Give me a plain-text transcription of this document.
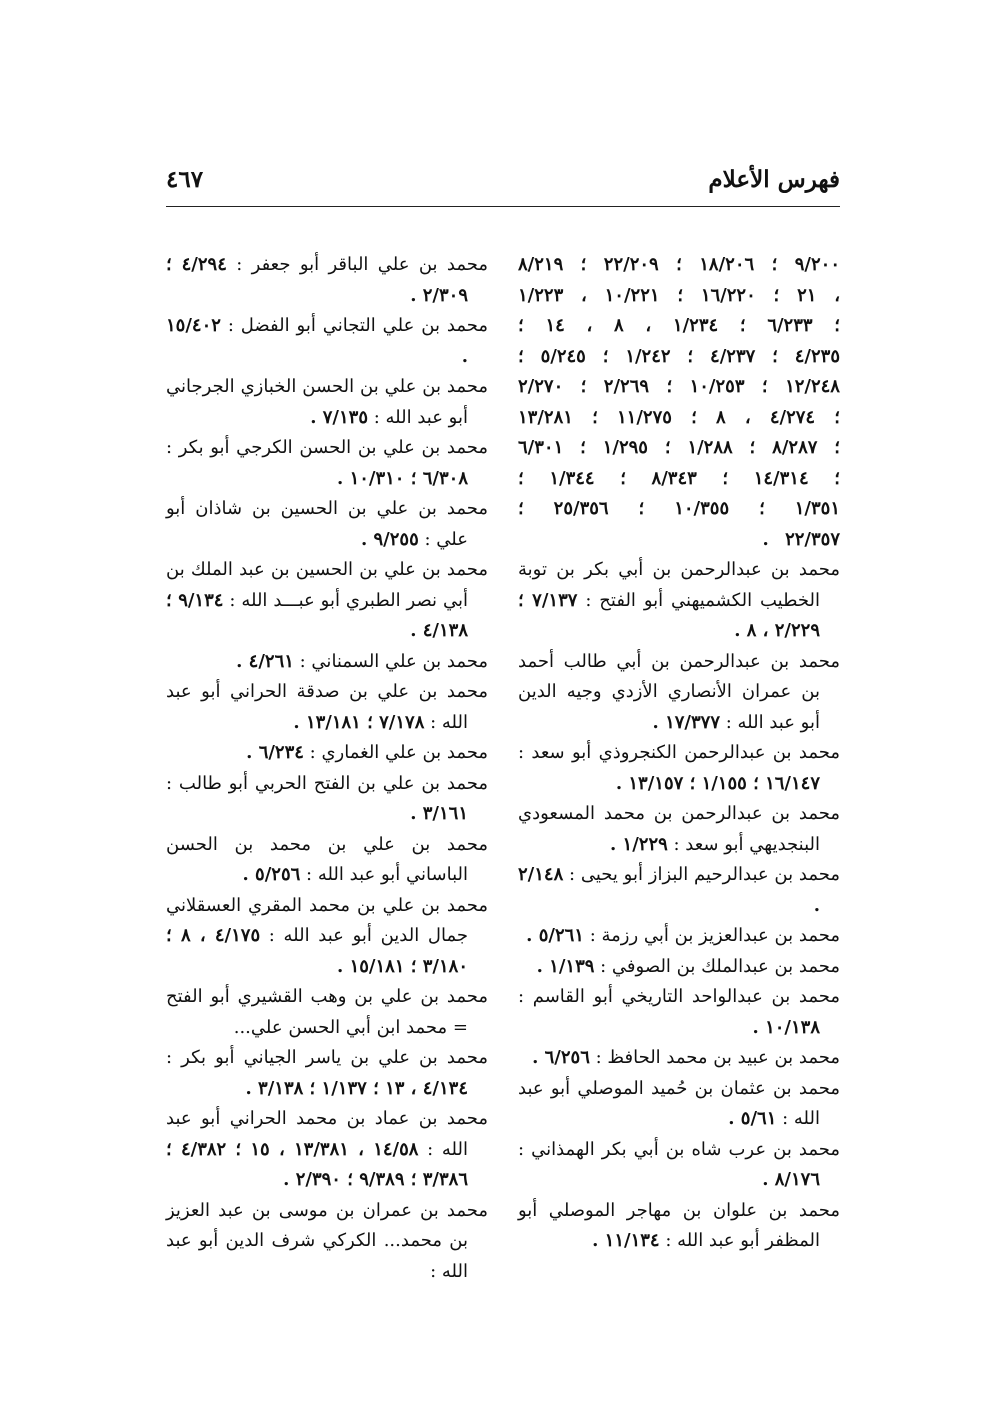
فهرس الأعلام
٤٦٧

٩/٢٠٠ ؛ ١٨/٢٠٦ ؛ ٢٢/٢٠٩ ؛ ٨/٢١٩ ، ٢١ ؛ ١٦/٢٢٠ ؛ ١٠/٢٢١ ، ١/٢٢٣ ؛ ٦/٢٣٣ ؛ ١/٢٣٤ ، ٨ ، ١٤ ؛ ٤/٢٣٥ ؛ ٤/٢٣٧ ؛ ١/٢٤٢ ؛ ٥/٢٤٥ ؛ ١٢/٢٤٨ ؛ ١٠/٢٥٣ ؛ ٢/٢٦٩ ؛ ٢/٢٧٠ ؛ ٤/٢٧٤ ، ٨ ؛ ١١/٢٧٥ ؛ ١٣/٢٨١ ؛ ٨/٢٨٧ ؛ ١/٢٨٨ ؛ ١/٢٩٥ ؛ ٦/٣٠١ ؛ ١٤/٣١٤ ؛ ٨/٣٤٣ ؛ ١/٣٤٤ ؛ ١/٣٥١ ؛ ١٠/٣٥٥ ؛ ٢٥/٣٥٦ ؛ ٢٢/٣٥٧ .

محمد بن عبدالرحمن بن أبي بكر بن توبة الخطيب الكشميهني أبو الفتح : ٧/١٣٧ ؛ ٢/٢٢٩ ، ٨ .

محمد بن عبدالرحمن بن أبي طالب أحمد بن عمران الأنصاري الأزدي وجيه الدين أبو عبد الله : ١٧/٣٧٧ .

محمد بن عبدالرحمن الكنجروذي أبو سعد : ١٦/١٤٧ ؛ ١/١٥٥ ؛ ١٣/١٥٧ .

محمد بن عبدالرحمن بن محمد المسعودي البنجديهي أبو سعد : ١/٢٢٩ .

محمد بن عبدالرحيم البزاز أبو يحيى : ٢/١٤٨ .

محمد بن عبدالعزيز بن أبي رزمة : ٥/٢٦١ .

محمد بن عبدالملك بن الصوفي : ١/١٣٩ .

محمد بن عبدالواحد التاريخي أبو القاسم : ١٠/١٣٨ .

محمد بن عبيد بن محمد الحافظ : ٦/٢٥٦ .

محمد بن عثمان بن حُميد الموصلي أبو عبد الله : ٥/٦١ .

محمد بن عرب شاه بن أبي بكر الهمذاني : ٨/١٧٦ .

محمد بن علوان بن مهاجر الموصلي أبو المظفر أبو عبد الله : ١١/١٣٤ .

محمد بن علي الباقر أبو جعفر : ٤/٢٩٤ ؛ ٢/٣٠٩ .

محمد بن علي التجاني أبو الفضل : ١٥/٤٠٢ .

محمد بن علي بن الحسن الخبازي الجرجاني أبو عبد الله : ٧/١٣٥ .

محمد بن علي بن الحسن الكرجي أبو بكر : ٦/٣٠٨ ؛ ١٠/٣١٠ .

محمد بن علي بن الحسين بن شاذان أبو علي : ٩/٢٥٥ .

محمد بن علي بن الحسين بن عبد الملك بن أبي نصر الطبري أبو عبـــد الله : ٩/١٣٤ ؛ ٤/١٣٨ .

محمد بن علي السمناني : ٤/٢٦١ .

محمد بن علي بن صدقة الحراني أبو عبد الله : ٧/١٧٨ ؛ ١٣/١٨١ .

محمد بن علي الغماري : ٦/٢٣٤ .

محمد بن علي بن الفتح الحربي أبو طالب : ٣/١٦١ .

محمد بن علي بن محمد بن الحسن الباساني أبو عبد الله : ٥/٢٥٦ .

محمد بن علي بن محمد المقري العسقلاني جمال الدين أبو عبد الله : ٤/١٧٥ ، ٨ ؛ ٣/١٨٠ ؛ ١٥/١٨١ .

محمد بن علي بن وهب القشيري أبو الفتح = محمد ابن أبي الحسن علي...

محمد بن علي بن ياسر الجياني أبو بكر : ٤/١٣٤ ، ١٣ ؛ ١/١٣٧ ؛ ٣/١٣٨ .

محمد بن عماد بن محمد الحراني أبو عبد الله : ١٤/٥٨ ، ١٣/٣٨١ ، ١٥ ؛ ٤/٣٨٢ ؛ ٣/٣٨٦ ؛ ٩/٣٨٩ ؛ ٢/٣٩٠ .

محمد بن عمران بن موسى بن عبد العزيز بن محمد... الكركي شرف الدين أبو عبد الله :
